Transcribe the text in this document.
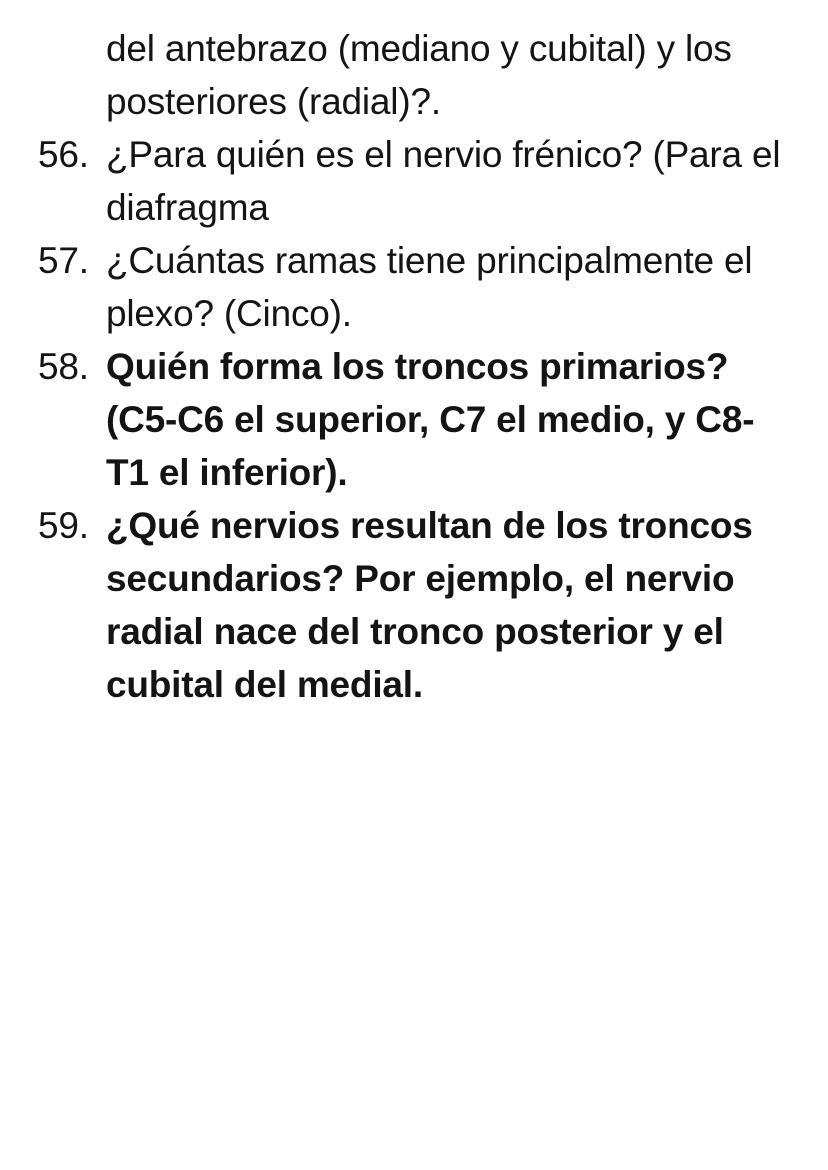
del antebrazo (mediano y cubital) y los posteriores (radial)?.
56. ¿Para quién es el nervio frénico? (Para el diafragma
57. ¿Cuántas ramas tiene principalmente el plexo? (Cinco).
58. Quién forma los troncos primarios? (C5-C6 el superior, C7 el medio, y C8-T1 el inferior).
59. ¿Qué nervios resultan de los troncos secundarios? Por ejemplo, el nervio radial nace del tronco posterior y el cubital del medial.
